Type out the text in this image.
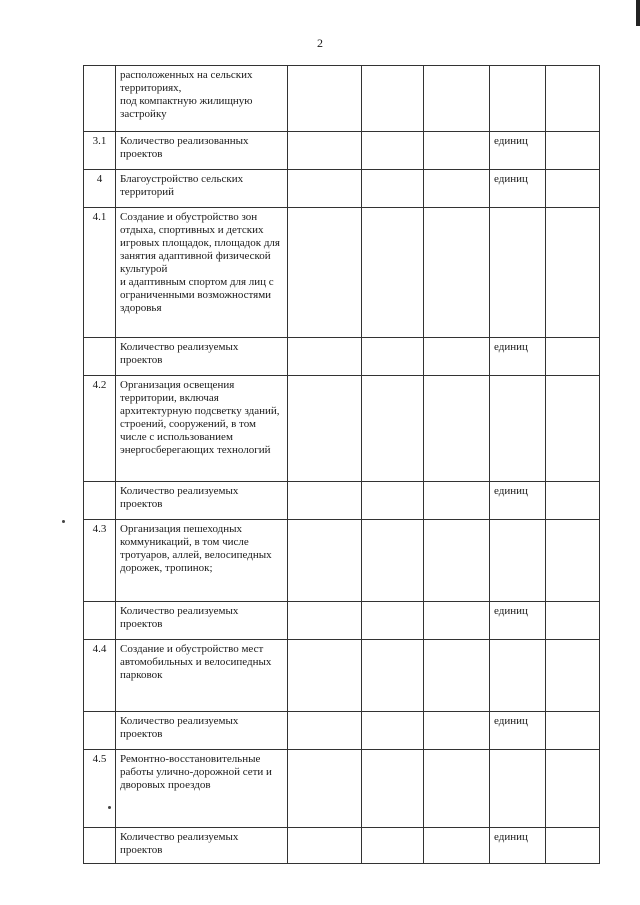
2
	расположенных на сельских территориях,
под компактную жилищную застройку					
3.1	Количество реализованных проектов				единиц	
4	Благоустройство сельских территорий				единиц	
4.1	Создание и обустройство зон отдыха, спортивных и детских игровых площадок, площадок для занятия адаптивной физической культурой
и адаптивным спортом для лиц с ограниченными возможностями здоровья					
	Количество реализуемых проектов				единиц	
4.2	Организация освещения территории, включая архитектурную подсветку зданий, строений, сооружений, в том числе с использованием энергосберегающих технологий					
	Количество реализуемых проектов				единиц	
4.3	Организация пешеходных коммуникаций, в том числе тротуаров, аллей, велосипедных дорожек, тропинок;					
	Количество реализуемых проектов				единиц	
4.4	Создание и обустройство мест автомобильных и велосипедных парковок					
	Количество реализуемых проектов				единиц	
4.5	Ремонтно-восстановительные работы улично-дорожной сети и дворовых проездов					
	Количество реализуемых проектов				единиц	
